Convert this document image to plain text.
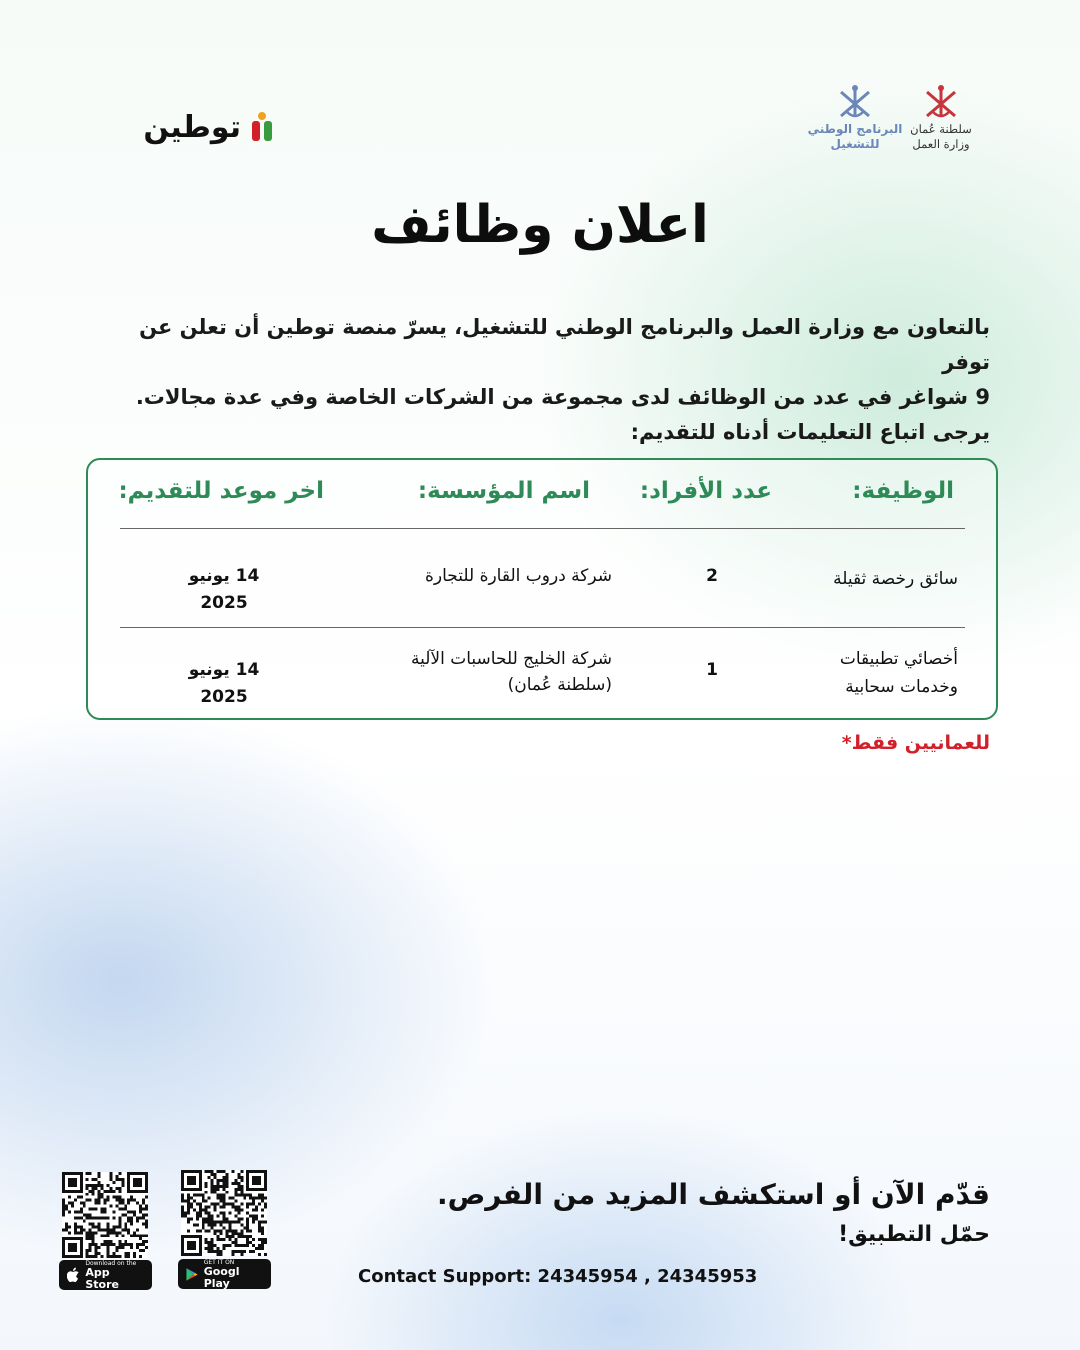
توطين	سلطنة عُمان
وزارة العمل
البرنامج الوطني
للتشغيل
اعلان وظائف

بالتعاون مع وزارة العمل والبرنامج الوطني للتشغيل، يسرّ منصة توطين أن تعلن عن توفر

9 شواغر في عدد من الوظائف لدى مجموعة من الشركات الخاصة وفي عدة مجالات.

يرجى اتباع التعليمات أدناه للتقديم:

الوظيفة:
عدد الأفراد:
اسم المؤسسة:
اخر موعد للتقديم:
سائق رخصة ثقيلة
2
شركة دروب القارة للتجارة
14 يونيو 2025
أخصائي تطبيقات
وخدمات سحابية
1
شركة الخليج للحاسبات الآلية
(سلطنة عُمان)
14 يونيو 2025
للعمانيين فقط*
قدّم الآن أو استكشف المزيد من الفرص.
حمّل التطبيق!
Contact Support: 24345954 , 24345953
Download on the
App Store
GET IT ON
Googl Play
